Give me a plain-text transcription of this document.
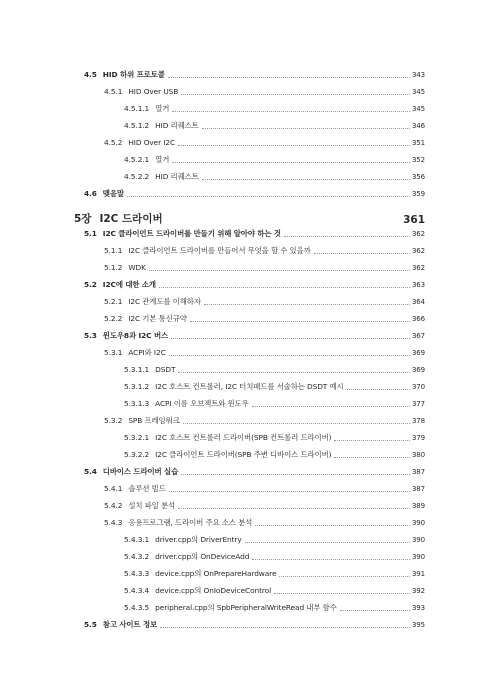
4.5 HID 하위 프로토콜	343
4.5.1 HID Over USB	345
4.5.1.1 열거	345
4.5.1.2 HID 리퀘스트	346
4.5.2 HID Over I2C	351
4.5.2.1 열거	352
4.5.2.2 HID 리퀘스트	356
4.6 맺음말	359
5장 I2C 드라이버	361
5.1 I2C 클라이언트 드라이버를 만들기 위해 알아야 하는 것	362
5.1.1 I2C 클라이언트 드라이버를 만들어서 무엇을 할 수 있을까	362
5.1.2 WDK	362
5.2 I2C에 대한 소개	363
5.2.1 I2C 관계도를 이해하자	364
5.2.2 I2C 기본 통신규약	366
5.3 윈도우8과 I2C 버스	367
5.3.1 ACPI와 I2C	369
5.3.1.1 DSDT	369
5.3.1.2 I2C 호스트 컨트롤러, I2C 터치패드를 서술하는 DSDT 예시	370
5.3.1.3 ACPI 이름 오브젝트와 윈도우	377
5.3.2 SPB 프레임워크	378
5.3.2.1 I2C 호스트 컨트롤러 드라이버(SPB 컨트롤러 드라이버)	379
5.3.2.2 I2C 클라이언트 드라이버(SPB 주변 디바이스 드라이버)	380
5.4 디바이스 드라이버 실습	387
5.4.1 솔루션 빌드	387
5.4.2 설치 파일 분석	389
5.4.3 응용프로그램, 드라이버 주요 소스 분석	390
5.4.3.1 driver.cpp의 DriverEntry	390
5.4.3.2 driver.cpp의 OnDeviceAdd	390
5.4.3.3 device.cpp의 OnPrepareHardware	391
5.4.3.4 device.cpp의 OnIoDeviceControl	392
5.4.3.5 peripheral.cpp의 SpbPeripheralWriteRead 내부 함수	393
5.5 참고 사이트 정보	395
